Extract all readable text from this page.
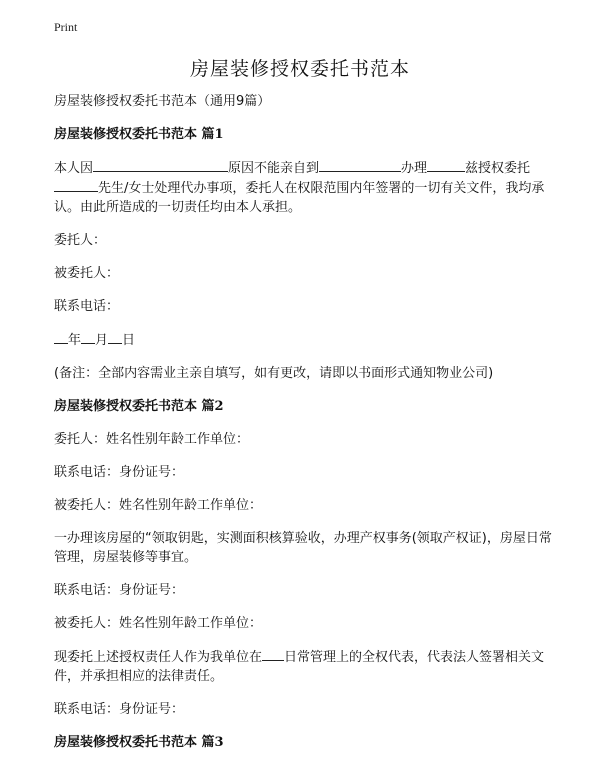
Print
房屋装修授权委托书范本

房屋装修授权委托书范本（通用9篇）

房屋装修授权委托书范本 篇1

本人因	原因不能亲自到	办理	兹授权委托先生/女士处理代办事项，委托人在权限范围内年签署的一切有关文件，我均承认。由此所造成的一切责任均由本人承担。

委托人：

被委托人：

联系电话：

年 月 日

(备注：全部内容需业主亲自填写，如有更改，请即以书面形式通知物业公司)

房屋装修授权委托书范本 篇2

委托人：姓名性别年龄工作单位：

联系电话：身份证号：

被委托人：姓名性别年龄工作单位：

一办理该房屋的“领取钥匙，实测面积核算验收，办理产权事务(领取产权证)，房屋日常管理，房屋装修等事宜。

联系电话：身份证号：

被委托人：姓名性别年龄工作单位：

现委托上述授权责任人作为我单位在 日常管理上的全权代表，代表法人签署相关文件，并承担相应的法律责任。

联系电话：身份证号：

房屋装修授权委托书范本 篇3
